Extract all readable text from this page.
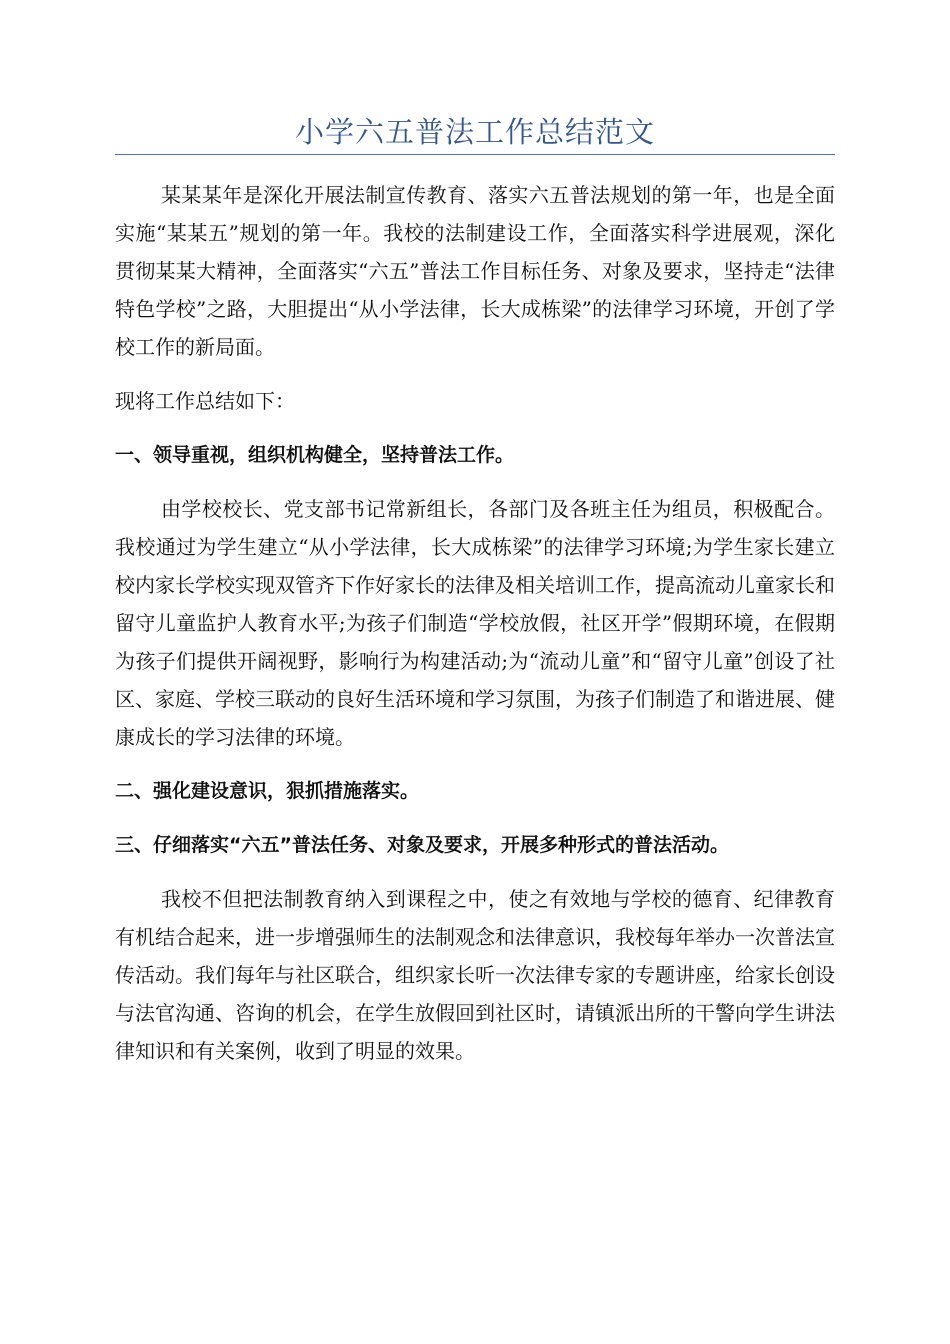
小学六五普法工作总结范文

某某某年是深化开展法制宣传教育、落实六五普法规划的第一年，也是全面实施“某某五”规划的第一年。我校的法制建设工作，全面落实科学进展观，深化贯彻某某大精神，全面落实“六五”普法工作目标任务、对象及要求，坚持走“法律特色学校”之路，大胆提出“从小学法律，长大成栋梁”的法律学习环境，开创了学校工作的新局面。

现将工作总结如下：

一、领导重视，组织机构健全，坚持普法工作。

由学校校长、党支部书记常新组长，各部门及各班主任为组员，积极配合。我校通过为学生建立“从小学法律，长大成栋梁”的法律学习环境;为学生家长建立校内家长学校实现双管齐下作好家长的法律及相关培训工作，提高流动儿童家长和留守儿童监护人教育水平;为孩子们制造“学校放假，社区开学”假期环境，在假期为孩子们提供开阔视野，影响行为构建活动;为“流动儿童”和“留守儿童”创设了社区、家庭、学校三联动的良好生活环境和学习氛围，为孩子们制造了和谐进展、健康成长的学习法律的环境。

二、强化建设意识，狠抓措施落实。

三、仔细落实“六五”普法任务、对象及要求，开展多种形式的普法活动。

我校不但把法制教育纳入到课程之中，使之有效地与学校的德育、纪律教育有机结合起来，进一步增强师生的法制观念和法律意识，我校每年举办一次普法宣传活动。我们每年与社区联合，组织家长听一次法律专家的专题讲座，给家长创设与法官沟通、咨询的机会，在学生放假回到社区时，请镇派出所的干警向学生讲法律知识和有关案例，收到了明显的效果。
